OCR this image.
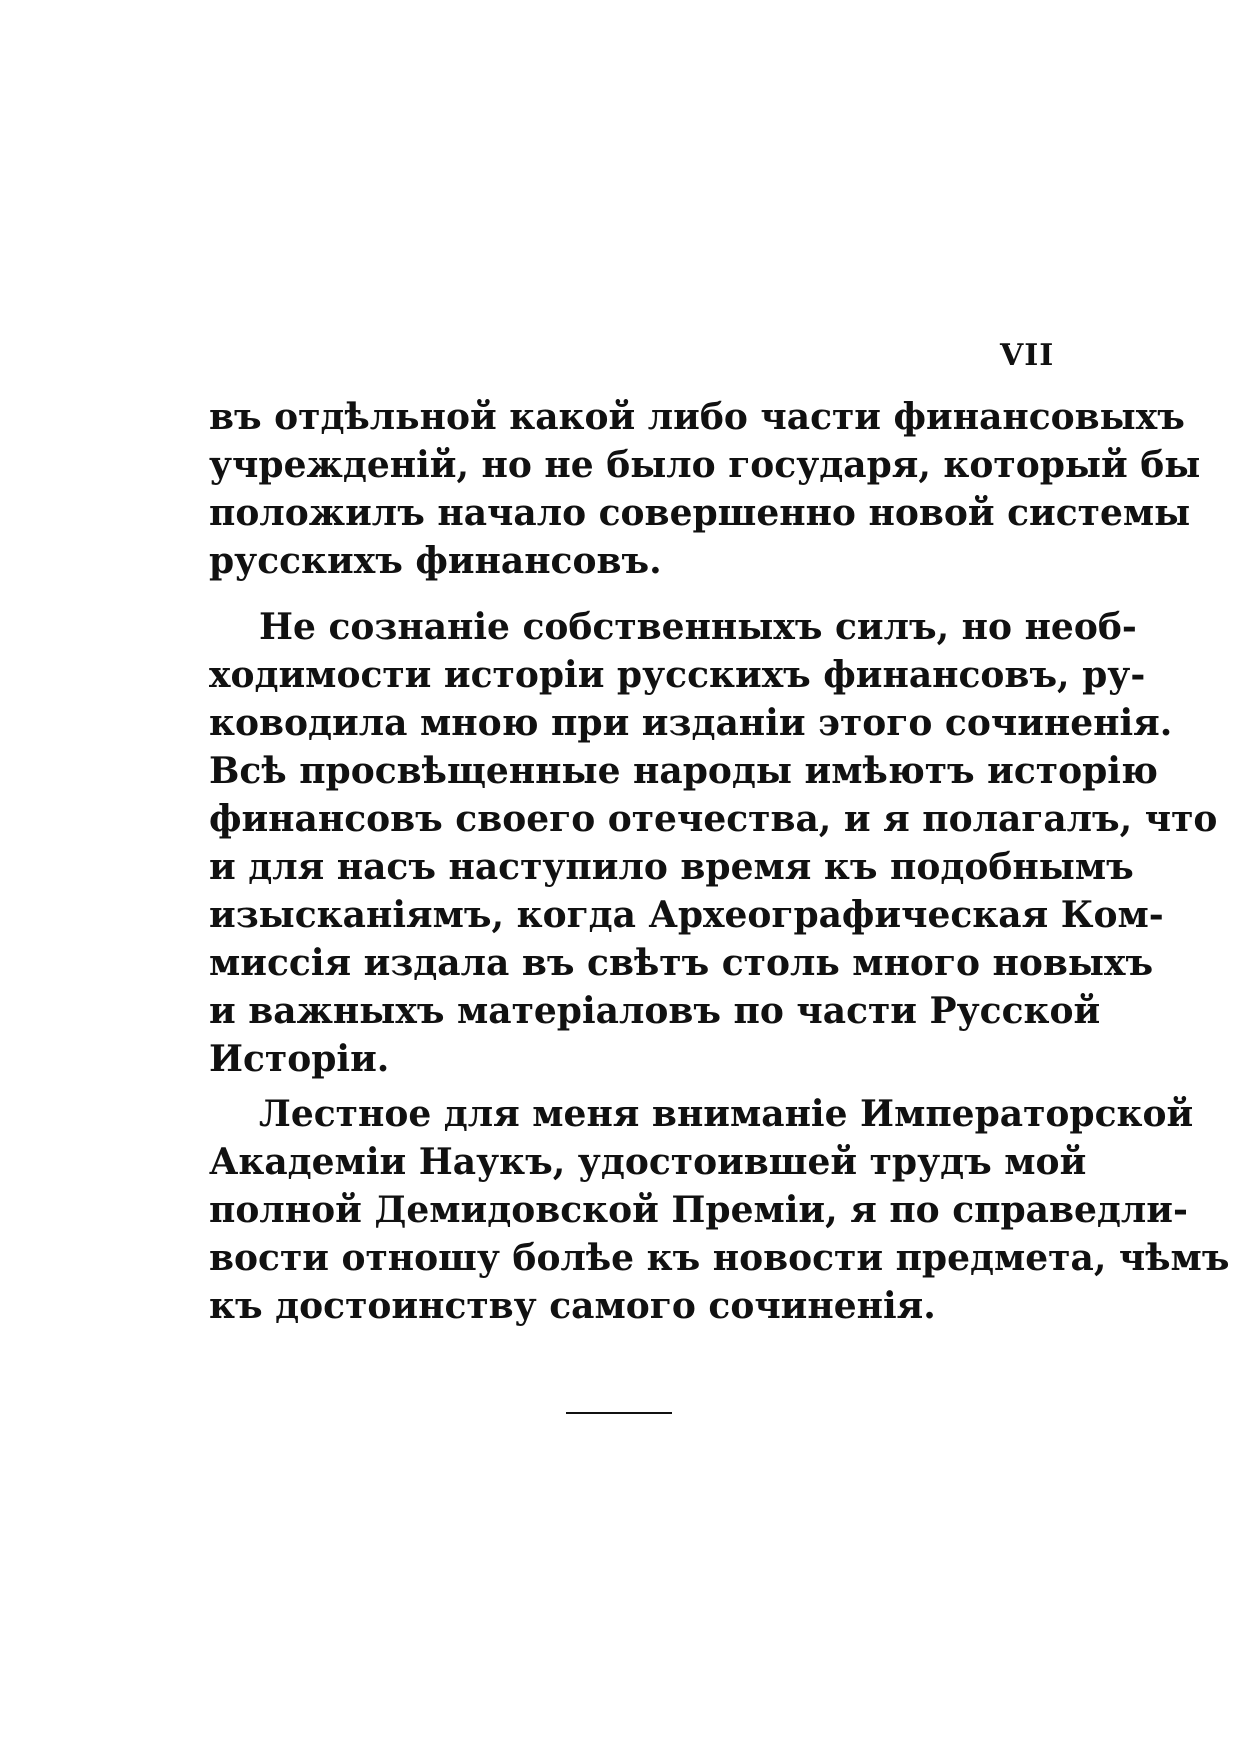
VII
въ отдѣльной какой либо части финансовыхъ
учрежденій, но не было государя, который бы
положилъ начало совершенно новой системы
русскихъ финансовъ.
Не сознаніе собственныхъ силъ, но необ-
ходимости исторіи русскихъ финансовъ, ру-
ководила мною при изданіи этого сочиненія.
Всѣ просвѣщенные народы имѣютъ исторію
финансовъ своего отечества, и я полагалъ, что
и для насъ наступило время къ подобнымъ
изысканіямъ, когда Археографическая Ком-
миссія издала въ свѣтъ столь много новыхъ
и важныхъ матеріаловъ по части Русской
Исторіи.
Лестное для меня вниманіе Императорской
Академіи Наукъ, удостоившей трудъ мой
полной Демидовской Преміи, я по справедли-
вости отношу болѣе къ новости предмета, чѣмъ
къ достоинству самого сочиненія.
